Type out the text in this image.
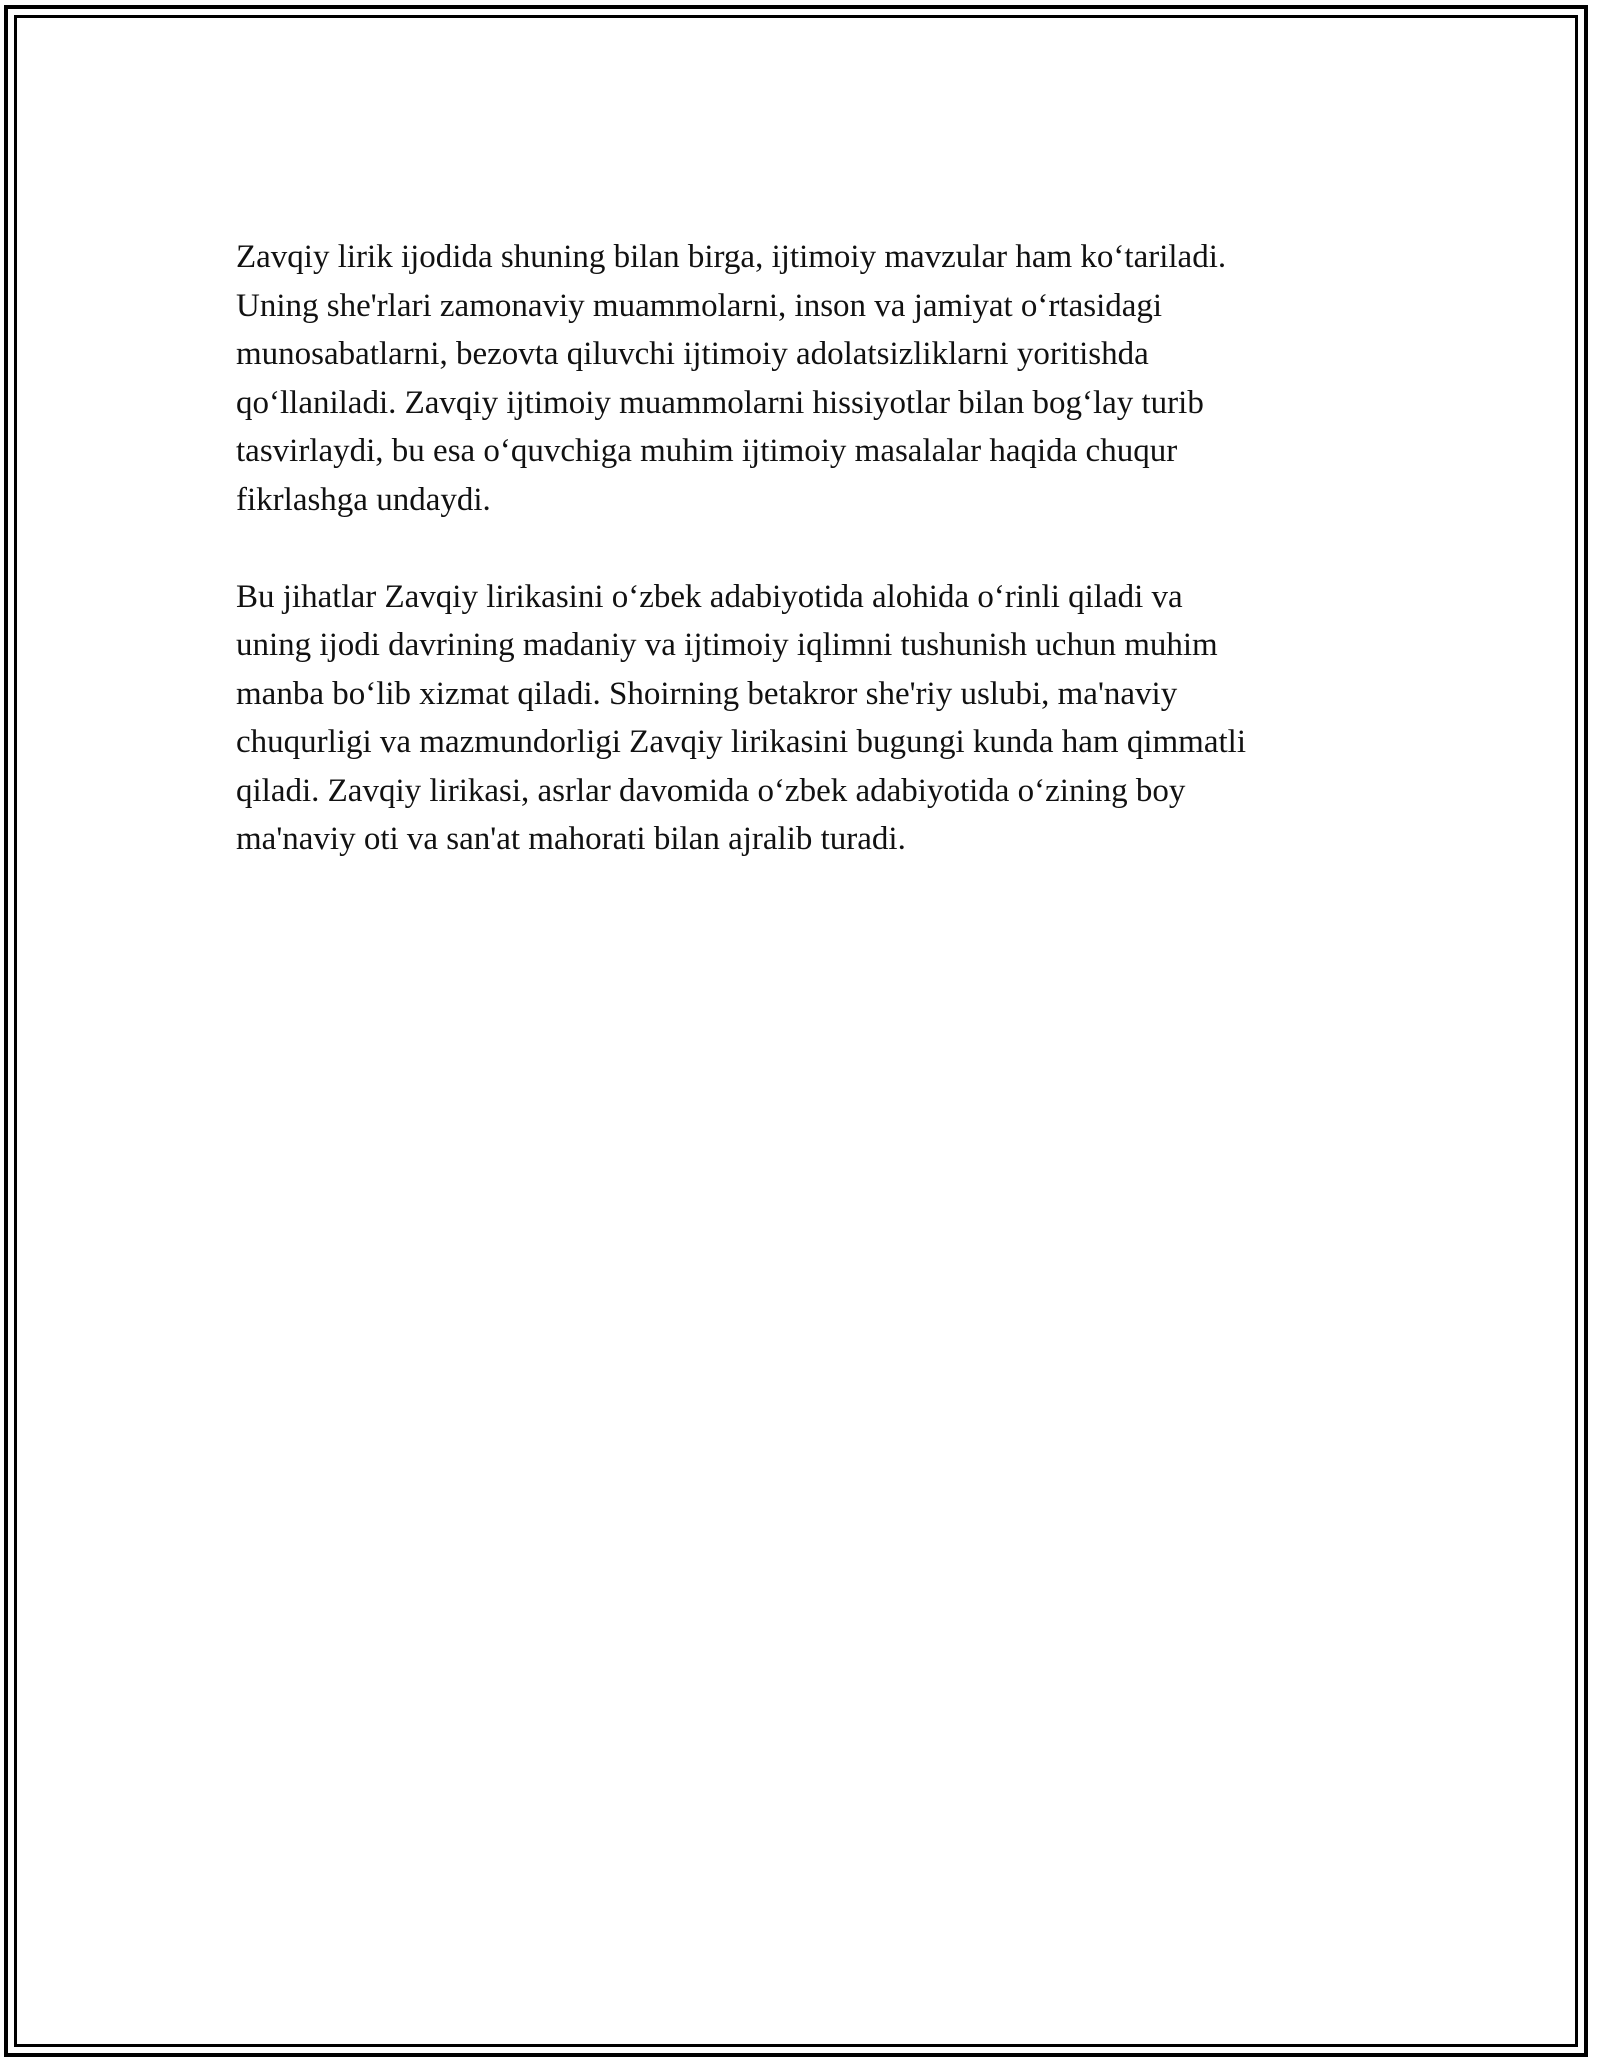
Zavqiy lirik ijodida shuning bilan birga, ijtimoiy mavzular ham koʻtariladi.
Uning she'rlari zamonaviy muammolarni, inson va jamiyat oʻrtasidagi
munosabatlarni, bezovta qiluvchi ijtimoiy adolatsizliklarni yoritishda
qoʻllaniladi. Zavqiy ijtimoiy muammolarni hissiyotlar bilan bogʻlay turib
tasvirlaydi, bu esa oʻquvchiga muhim ijtimoiy masalalar haqida chuqur
fikrlashga undaydi.

Bu jihatlar Zavqiy lirikasini oʻzbek adabiyotida alohida oʻrinli qiladi va
uning ijodi davrining madaniy va ijtimoiy iqlimni tushunish uchun muhim
manba boʻlib xizmat qiladi. Shoirning betakror she'riy uslubi, ma'naviy
chuqurligi va mazmundorligi Zavqiy lirikasini bugungi kunda ham qimmatli
qiladi. Zavqiy lirikasi, asrlar davomida oʻzbek adabiyotida oʻzining boy
ma'naviy oti va san'at mahorati bilan ajralib turadi.
